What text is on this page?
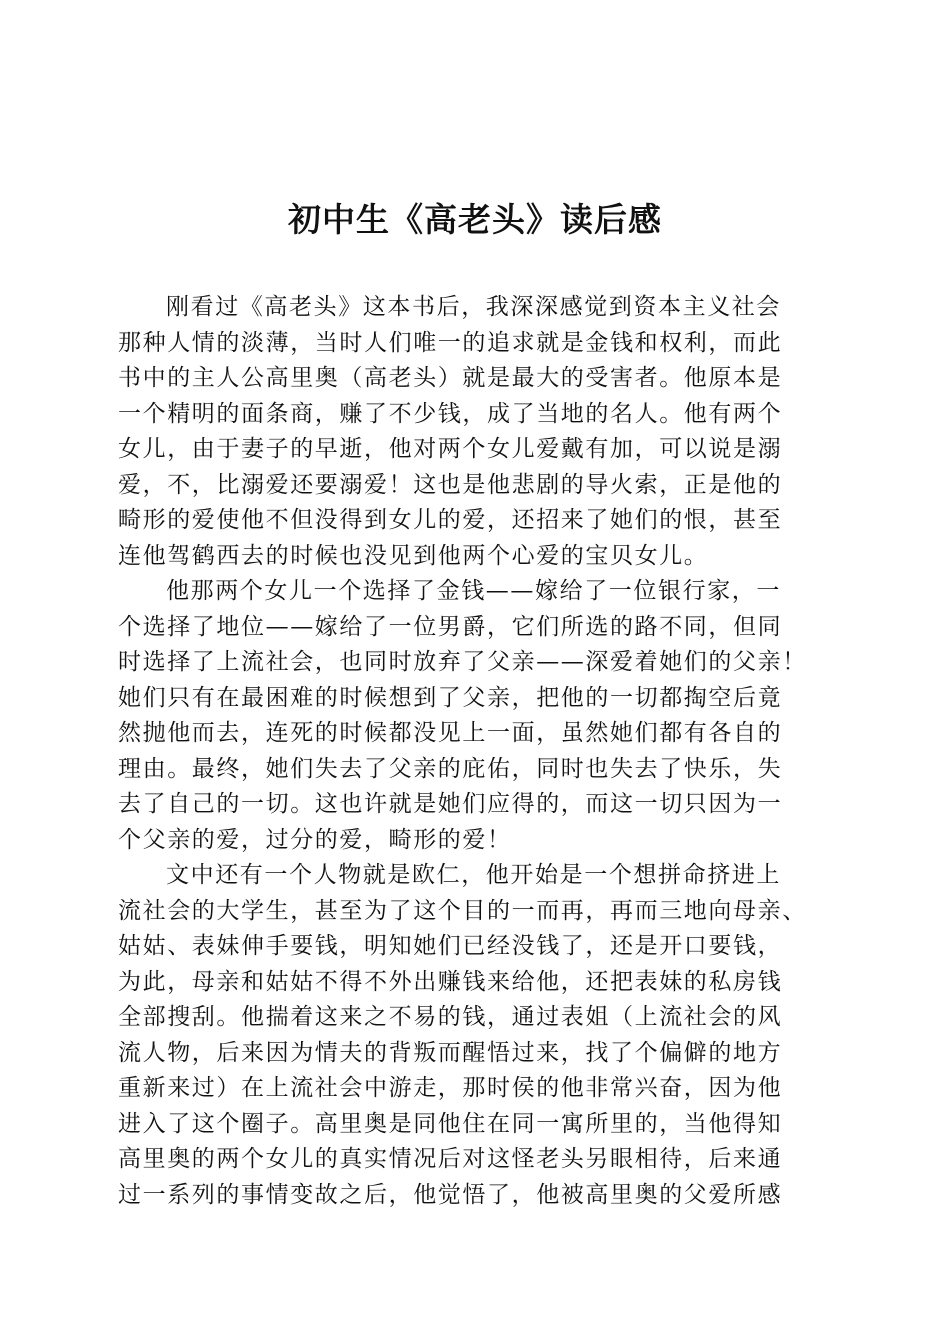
初中生《高老头》读后感
刚看过《高老头》这本书后，我深深感觉到资本主义社会
那种人情的淡薄，当时人们唯一的追求就是金钱和权利，而此
书中的主人公高里奥（高老头）就是最大的受害者。他原本是
一个精明的面条商，赚了不少钱，成了当地的名人。他有两个
女儿，由于妻子的早逝，他对两个女儿爱戴有加，可以说是溺
爱，不，比溺爱还要溺爱！这也是他悲剧的导火索，正是他的
畸形的爱使他不但没得到女儿的爱，还招来了她们的恨，甚至
连他驾鹤西去的时候也没见到他两个心爱的宝贝女儿。
他那两个女儿一个选择了金钱——嫁给了一位银行家，一
个选择了地位——嫁给了一位男爵，它们所选的路不同，但同
时选择了上流社会，也同时放弃了父亲——深爱着她们的父亲！
她们只有在最困难的时候想到了父亲，把他的一切都掏空后竟
然抛他而去，连死的时候都没见上一面，虽然她们都有各自的
理由。最终，她们失去了父亲的庇佑，同时也失去了快乐，失
去了自己的一切。这也许就是她们应得的，而这一切只因为一
个父亲的爱，过分的爱，畸形的爱！
文中还有一个人物就是欧仁，他开始是一个想拼命挤进上
流社会的大学生，甚至为了这个目的一而再，再而三地向母亲、
姑姑、表妹伸手要钱，明知她们已经没钱了，还是开口要钱，
为此，母亲和姑姑不得不外出赚钱来给他，还把表妹的私房钱
全部搜刮。他揣着这来之不易的钱，通过表姐（上流社会的风
流人物，后来因为情夫的背叛而醒悟过来，找了个偏僻的地方
重新来过）在上流社会中游走，那时侯的他非常兴奋，因为他
进入了这个圈子。高里奥是同他住在同一寓所里的，当他得知
高里奥的两个女儿的真实情况后对这怪老头另眼相待，后来通
过一系列的事情变故之后，他觉悟了，他被高里奥的父爱所感
